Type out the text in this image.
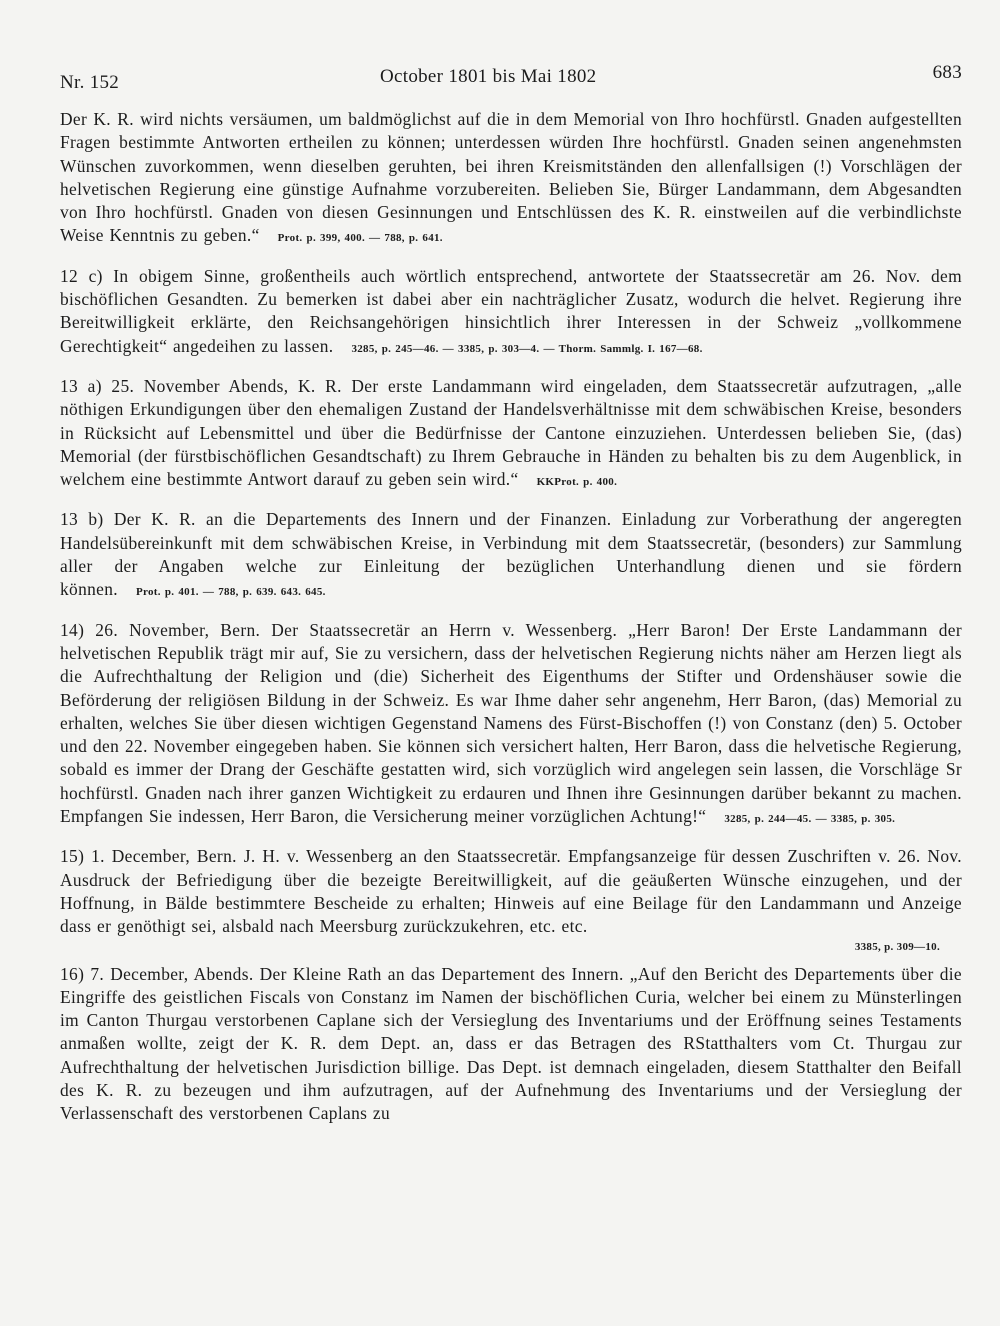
Nr. 152	October 1801 bis Mai 1802	683

Der K. R. wird nichts versäumen, um baldmöglichst auf die in dem Memorial von Ihro hochfürstl. Gnaden aufgestellten Fragen bestimmte Antworten ertheilen zu können; unterdessen würden Ihre hochfürstl. Gnaden seinen angenehmsten Wünschen zuvorkommen, wenn dieselben geruhten, bei ihren Kreismitständen den allenfallsigen (!) Vorschlägen der helvetischen Regierung eine günstige Aufnahme vorzubereiten. Belieben Sie, Bürger Landammann, dem Abgesandten von Ihro hochfürstl. Gnaden von diesen Gesinnungen und Entschlüssen des K. R. einstweilen auf die verbindlichste Weise Kenntnis zu geben.“ Prot. p. 399, 400. — 788, p. 641.

12 c) In obigem Sinne, großentheils auch wörtlich entsprechend, antwortete der Staatssecretär am 26. Nov. dem bischöflichen Gesandten. Zu bemerken ist dabei aber ein nachträglicher Zusatz, wodurch die helvet. Regierung ihre Bereitwilligkeit erklärte, den Reichsangehörigen hinsichtlich ihrer Interessen in der Schweiz „vollkommene Gerechtigkeit“ angedeihen zu lassen. 3285, p. 245—46. — 3385, p. 303—4. — Thorm. Sammlg. I. 167—68.

13 a) 25. November Abends, K. R. Der erste Landammann wird eingeladen, dem Staatssecretär aufzutragen, „alle nöthigen Erkundigungen über den ehemaligen Zustand der Handelsverhältnisse mit dem schwäbischen Kreise, besonders in Rücksicht auf Lebensmittel und über die Bedürfnisse der Cantone einzuziehen. Unterdessen belieben Sie, (das) Memorial (der fürstbischöflichen Gesandtschaft) zu Ihrem Gebrauche in Händen zu behalten bis zu dem Augenblick, in welchem eine bestimmte Antwort darauf zu geben sein wird.“ KKProt. p. 400.

13 b) Der K. R. an die Departements des Innern und der Finanzen. Einladung zur Vorberathung der angeregten Handelsübereinkunft mit dem schwäbischen Kreise, in Verbindung mit dem Staatssecretär, (besonders) zur Sammlung aller der Angaben welche zur Einleitung der bezüglichen Unterhandlung dienen und sie fördern können. Prot. p. 401. — 788, p. 639. 643. 645.

14) 26. November, Bern. Der Staatssecretär an Herrn v. Wessenberg. „Herr Baron! Der Erste Landammann der helvetischen Republik trägt mir auf, Sie zu versichern, dass der helvetischen Regierung nichts näher am Herzen liegt als die Aufrechthaltung der Religion und (die) Sicherheit des Eigenthums der Stifter und Ordenshäuser sowie die Beförderung der religiösen Bildung in der Schweiz. Es war Ihme daher sehr angenehm, Herr Baron, (das) Memorial zu erhalten, welches Sie über diesen wichtigen Gegenstand Namens des Fürst-Bischoffen (!) von Constanz (den) 5. October und den 22. November eingegeben haben. Sie können sich versichert halten, Herr Baron, dass die helvetische Regierung, sobald es immer der Drang der Geschäfte gestatten wird, sich vorzüglich wird angelegen sein lassen, die Vorschläge Sr hochfürstl. Gnaden nach ihrer ganzen Wichtigkeit zu erdauren und Ihnen ihre Gesinnungen darüber bekannt zu machen. Empfangen Sie indessen, Herr Baron, die Versicherung meiner vorzüglichen Achtung!“ 3285, p. 244—45. — 3385, p. 305.

15) 1. December, Bern. J. H. v. Wessenberg an den Staatssecretär. Empfangsanzeige für dessen Zuschriften v. 26. Nov. Ausdruck der Befriedigung über die bezeigte Bereitwilligkeit, auf die geäußerten Wünsche einzugehen, und der Hoffnung, in Bälde bestimmtere Bescheide zu erhalten; Hinweis auf eine Beilage für den Landammann und Anzeige dass er genöthigt sei, alsbald nach Meersburg zurückzukehren, etc. etc.

3385, p. 309—10.

16) 7. December, Abends. Der Kleine Rath an das Departement des Innern. „Auf den Bericht des Departements über die Eingriffe des geistlichen Fiscals von Constanz im Namen der bischöflichen Curia, welcher bei einem zu Münsterlingen im Canton Thurgau verstorbenen Caplane sich der Versieglung des Inventariums und der Eröffnung seines Testaments anmaßen wollte, zeigt der K. R. dem Dept. an, dass er das Betragen des RStatthalters vom Ct. Thurgau zur Aufrechthaltung der helvetischen Jurisdiction billige. Das Dept. ist demnach eingeladen, diesem Statthalter den Beifall des K. R. zu bezeugen und ihm aufzutragen, auf der Aufnehmung des Inventariums und der Versieglung der Verlassenschaft des verstorbenen Caplans zu
